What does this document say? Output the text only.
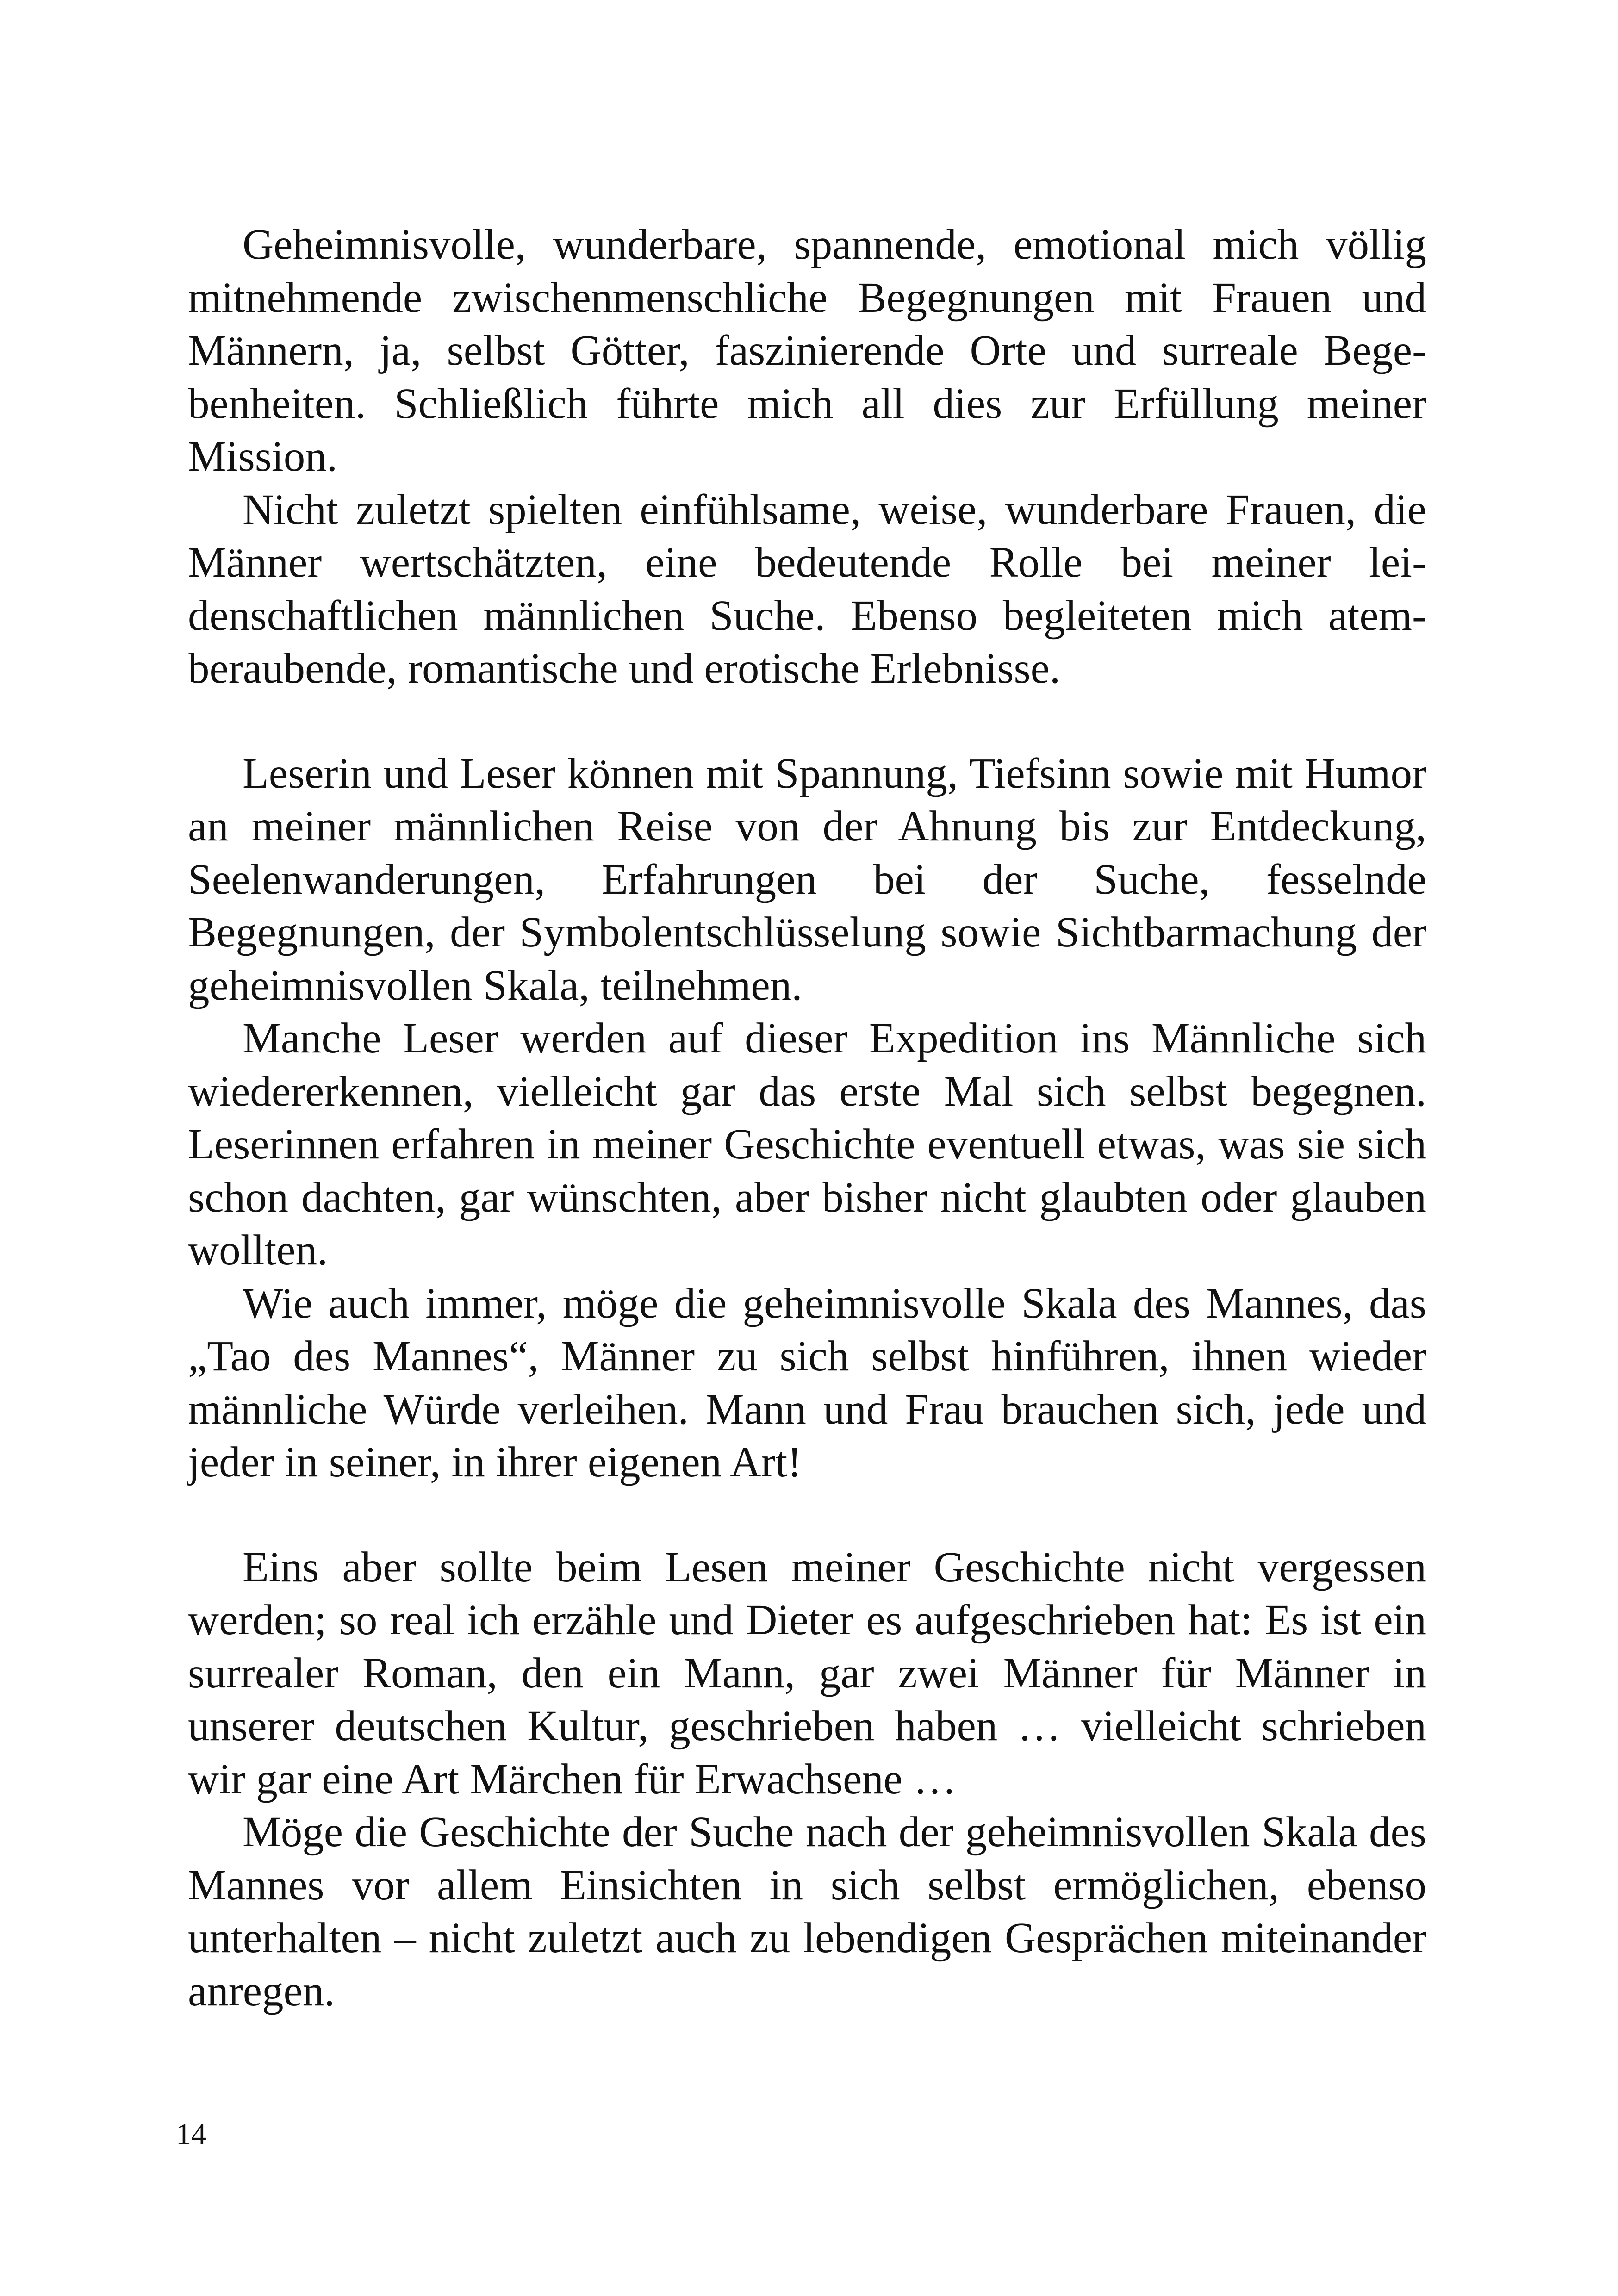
Geheimnisvolle, wunderbare, spannende, emotional mich völlig mitnehmende zwischenmenschliche Begegnungen mit Frauen und Männern, ja, selbst Götter, faszinierende Orte und surreale Begebenheiten. Schließlich führte mich all dies zur Erfüllung meiner Mission.

Nicht zuletzt spielten einfühlsame, weise, wunderbare Frauen, die Männer wertschätzten, eine bedeutende Rolle bei meiner leidenschaftlichen männlichen Suche. Ebenso begleiteten mich atemberaubende, romantische und erotische Erlebnisse.

Leserin und Leser können mit Spannung, Tiefsinn sowie mit Humor an meiner männlichen Reise von der Ahnung bis zur Entdeckung, Seelenwanderungen, Erfahrungen bei der Suche, fesselnde Begegnungen, der Symbolentschlüsselung sowie Sichtbarmachung der geheimnisvollen Skala, teilnehmen.

Manche Leser werden auf dieser Expedition ins Männliche sich wiedererkennen, vielleicht gar das erste Mal sich selbst begegnen. Leserinnen erfahren in meiner Geschichte eventuell etwas, was sie sich schon dachten, gar wünschten, aber bisher nicht glaubten oder glauben wollten.

Wie auch immer, möge die geheimnisvolle Skala des Mannes, das „Tao des Mannes“, Männer zu sich selbst hinführen, ihnen wieder männliche Würde verleihen. Mann und Frau brauchen sich, jede und jeder in seiner, in ihrer eigenen Art!

Eins aber sollte beim Lesen meiner Geschichte nicht vergessen werden; so real ich erzähle und Dieter es aufgeschrieben hat: Es ist ein surrealer Roman, den ein Mann, gar zwei Männer für Männer in unserer deutschen Kultur, geschrieben haben … vielleicht schrieben wir gar eine Art Märchen für Erwachsene …

Möge die Geschichte der Suche nach der geheimnisvollen Skala des Mannes vor allem Einsichten in sich selbst ermöglichen, ebenso unterhalten – nicht zuletzt auch zu lebendigen Gesprächen miteinander anregen.

14
